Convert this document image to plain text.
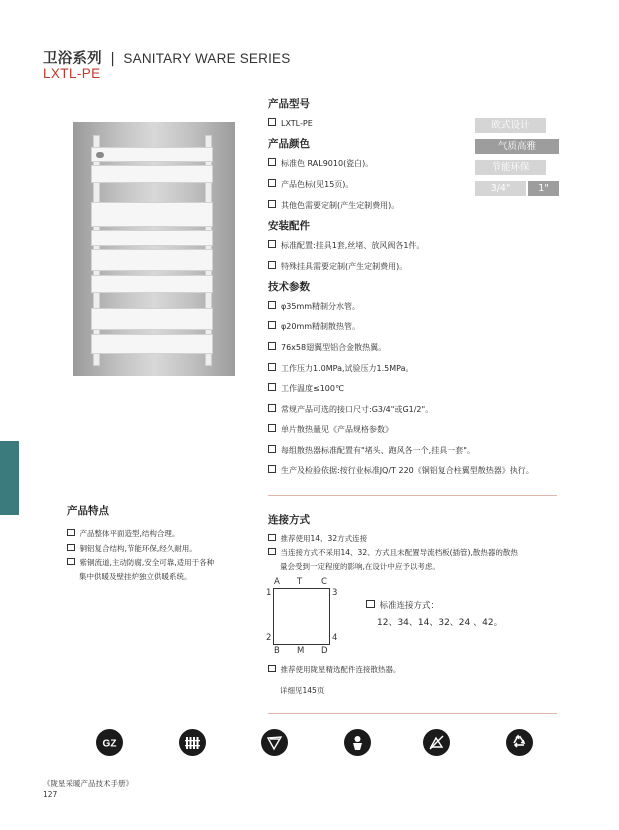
卫浴系列 | SANITARY WARE SERIES
LXTL-PE
产品型号
LXTL-PE
产品颜色
标准色 RAL9010(瓷白)。
产品色标(见15页)。
其他色需要定制(产生定制费用)。
安装配件
标准配置:挂具1套,丝堵、放风阀各1件。
特殊挂具需要定制(产生定制费用)。
技术参数
φ35mm精制分水管。
φ20mm精制散热管。
76x58翅翼型铝合金散热翼。
工作压力1.0MPa,试验压力1.5MPa。
工作温度≤100℃
常规产品可选的接口尺寸:G3/4"或G1/2"。
单片散热量见《产品规格参数》
每组散热器标准配置有"堵头、跑风各一个,挂具一套"。
生产及检验依据:按行业标准JQ/T 220《铜铝复合柱翼型散热器》执行。
欧式设计
气质高雅
节能环保
3/4"	1"
产品特点
产品整体平面造型,结构合理。
铜铝复合结构,节能环保,经久耐用。
紫铜流道,主动防腐,安全可靠,适用于各种
集中供暖及壁挂炉独立供暖系统。
连接方式
推荐使用14、32方式连接
当连接方式不采用14、32、方式且未配置导流档板(插管),散热器的散热
量会受到一定程度的影响,在设计中应予以考虑。
A T C
1	3
2	4
B M D
标准连接方式：
12、34、14、32、24 、42。
推荐使用陇星精选配件连接散热器。
详细见145页
GZ
《陇星采暖产品技术手册》
127
